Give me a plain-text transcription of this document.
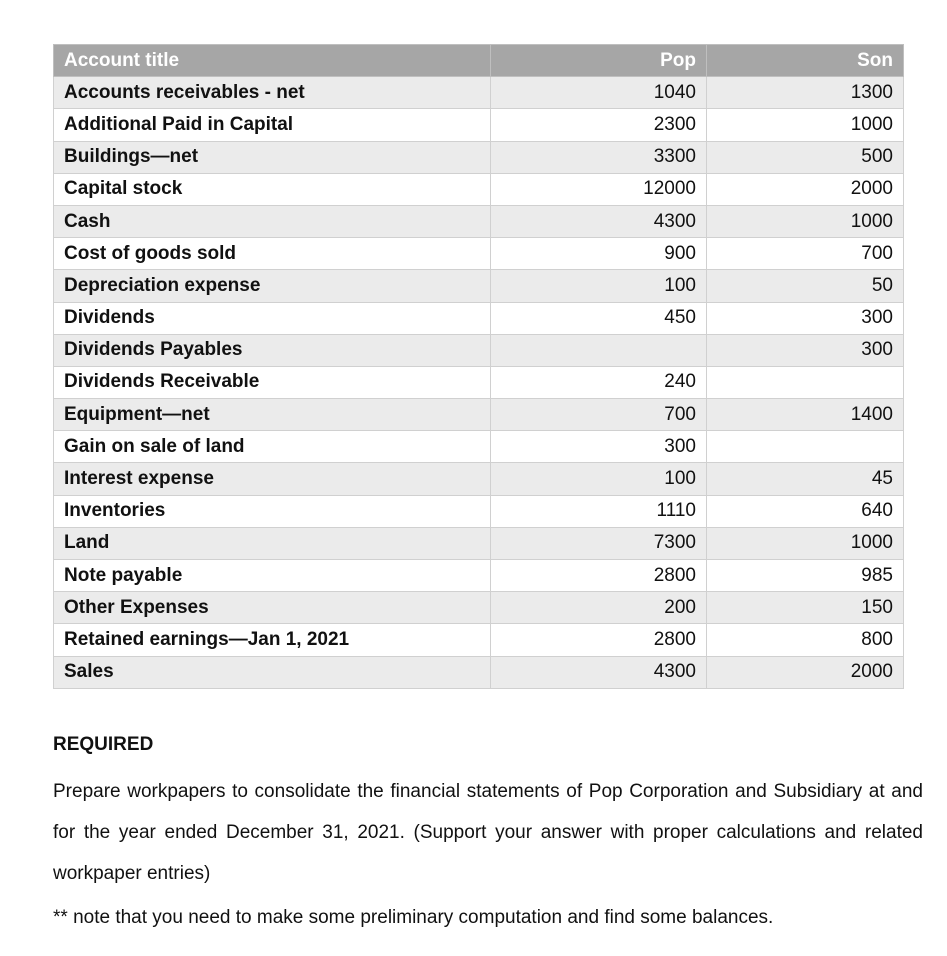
Account title	Pop	Son
Accounts receivables - net	1040	1300
Additional Paid in Capital	2300	1000
Buildings—net	3300	500
Capital stock	12000	2000
Cash	4300	1000
Cost of goods sold	900	700
Depreciation expense	100	50
Dividends	450	300
Dividends Payables		300
Dividends Receivable	240	
Equipment—net	700	1400
Gain on sale of land	300	
Interest expense	100	45
Inventories	1110	640
Land	7300	1000
Note payable	2800	985
Other Expenses	200	150
Retained earnings—Jan 1, 2021	2800	800
Sales	4300	2000
REQUIRED

Prepare workpapers to consolidate the financial statements of Pop Corporation and Subsidiary at and for the year ended December 31, 2021. (Support your answer with proper calculations and related workpaper entries)

** note that you need to make some preliminary computation and find some balances.
